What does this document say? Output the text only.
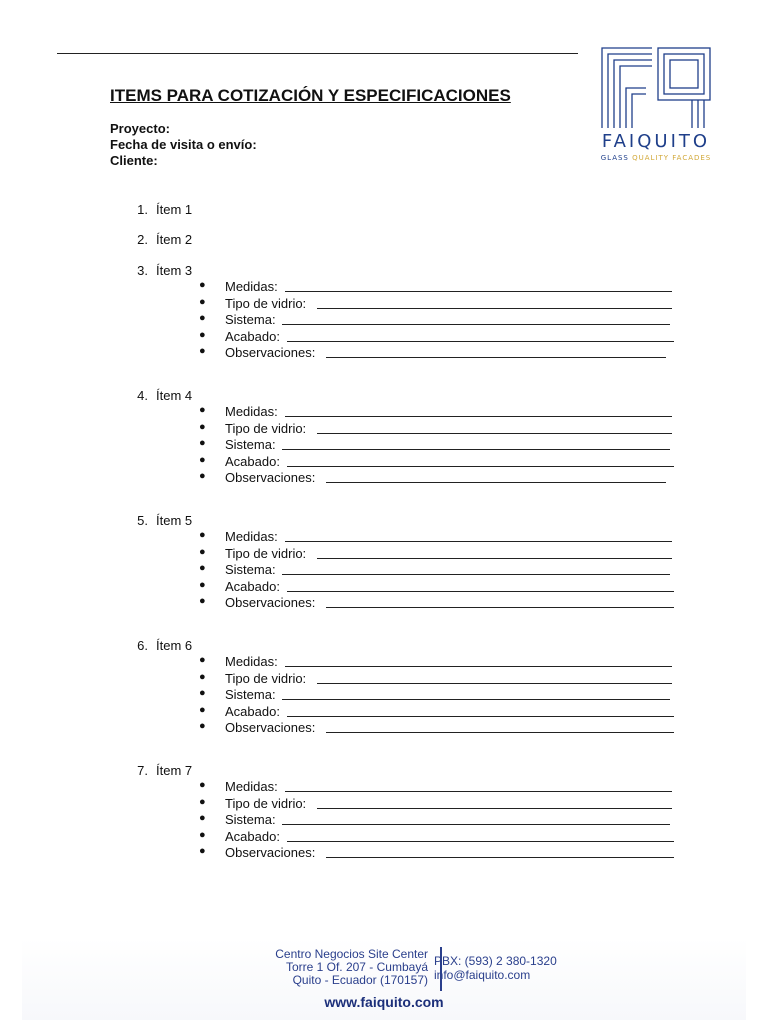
FAIQUITO
GLASS QUALITY FACADES
ITEMS PARA COTIZACIÓN Y ESPECIFICACIONES
Proyecto:
Fecha de visita o envío:
Cliente:
1. Ítem 1
2. Ítem 2
3. Ítem 3
● Medidas:
● Tipo de vidrio:
● Sistema:
● Acabado:
● Observaciones:
4. Ítem 4
● Medidas:
● Tipo de vidrio:
● Sistema:
● Acabado:
● Observaciones:
5. Ítem 5
● Medidas:
● Tipo de vidrio:
● Sistema:
● Acabado:
● Observaciones:
6. Ítem 6
● Medidas:
● Tipo de vidrio:
● Sistema:
● Acabado:
● Observaciones:
7. Ítem 7
● Medidas:
● Tipo de vidrio:
● Sistema:
● Acabado:
● Observaciones:
Centro Negocios Site Center
Torre 1 Of. 207 - Cumbayá
Quito - Ecuador (170157)
PBX: (593) 2 380-1320
info@faiquito.com
www.faiquito.com
